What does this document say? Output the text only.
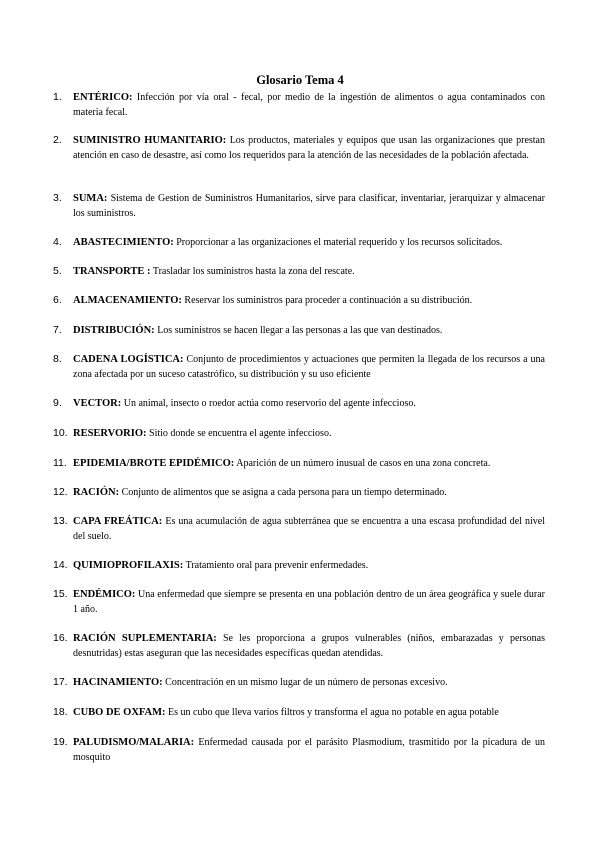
Glosario Tema 4
1.	ENTÉRICO: Infección por vía oral - fecal, por medio de la ingestión de alimentos o agua contaminados con materia fecal.
2.	SUMINISTRO HUMANITARIO: Los productos, materiales y equipos que usan las organizaciones que prestan atención en caso de desastre, así como los requeridos para la atención de las necesidades de la población afectada.
3.	SUMA: Sistema de Gestion de Suministros Humanitarios, sirve para clasificar, inventariar, jerarquizar y almacenar los suministros.
4.	ABASTECIMIENTO: Proporcionar a las organizaciones el material requerido y los recursos solicitados.
5.	TRANSPORTE : Trasladar los suministros hasta la zona del rescate.
6.	ALMACENAMIENTO: Reservar los suministros para proceder a continuación a su distribución.
7.	DISTRIBUCIÓN: Los suministros se hacen llegar a las personas a las que van destinados.
8.	CADENA LOGÍSTICA: Conjunto de procedimientos y actuaciones que permiten la llegada de los recursos a una zona afectada por un suceso catastrófico, su distribución y su uso eficiente
9.	VECTOR: Un animal, insecto o roedor actúa como reservorio del agente infeccioso.
10. RESERVORIO: Sitio donde se encuentra el agente infeccioso.
11. EPIDEMIA/BROTE EPIDÉMICO: Aparición de un número inusual de casos en una zona concreta.
12. RACIÓN: Conjunto de alimentos que se asigna a cada persona para un tiempo determinado.
13. CAPA FREÁTICA: Es una acumulación de agua subterránea que se encuentra a una escasa profundidad del nivel del suelo.
14. QUIMIOPROFILAXIS: Tratamiento oral para prevenir enfermedades.
15. ENDÉMICO: Una enfermedad que siempre se presenta en una población dentro de un área geográfica y suele durar 1 año.
16. RACIÓN SUPLEMENTARIA: Se les proporciona a grupos vulnerables (niños, embarazadas y personas desnutridas) estas aseguran que las necesidades específicas quedan atendidas.
17. HACINAMIENTO: Concentración en un mismo lugar de un número de personas excesivo.
18. CUBO DE OXFAM: Es un cubo que lleva varios filtros y transforma el agua no potable en agua potable
19. PALUDISMO/MALARIA: Enfermedad causada por el parásito Plasmodium, trasmitido por la picadura de un mosquito
